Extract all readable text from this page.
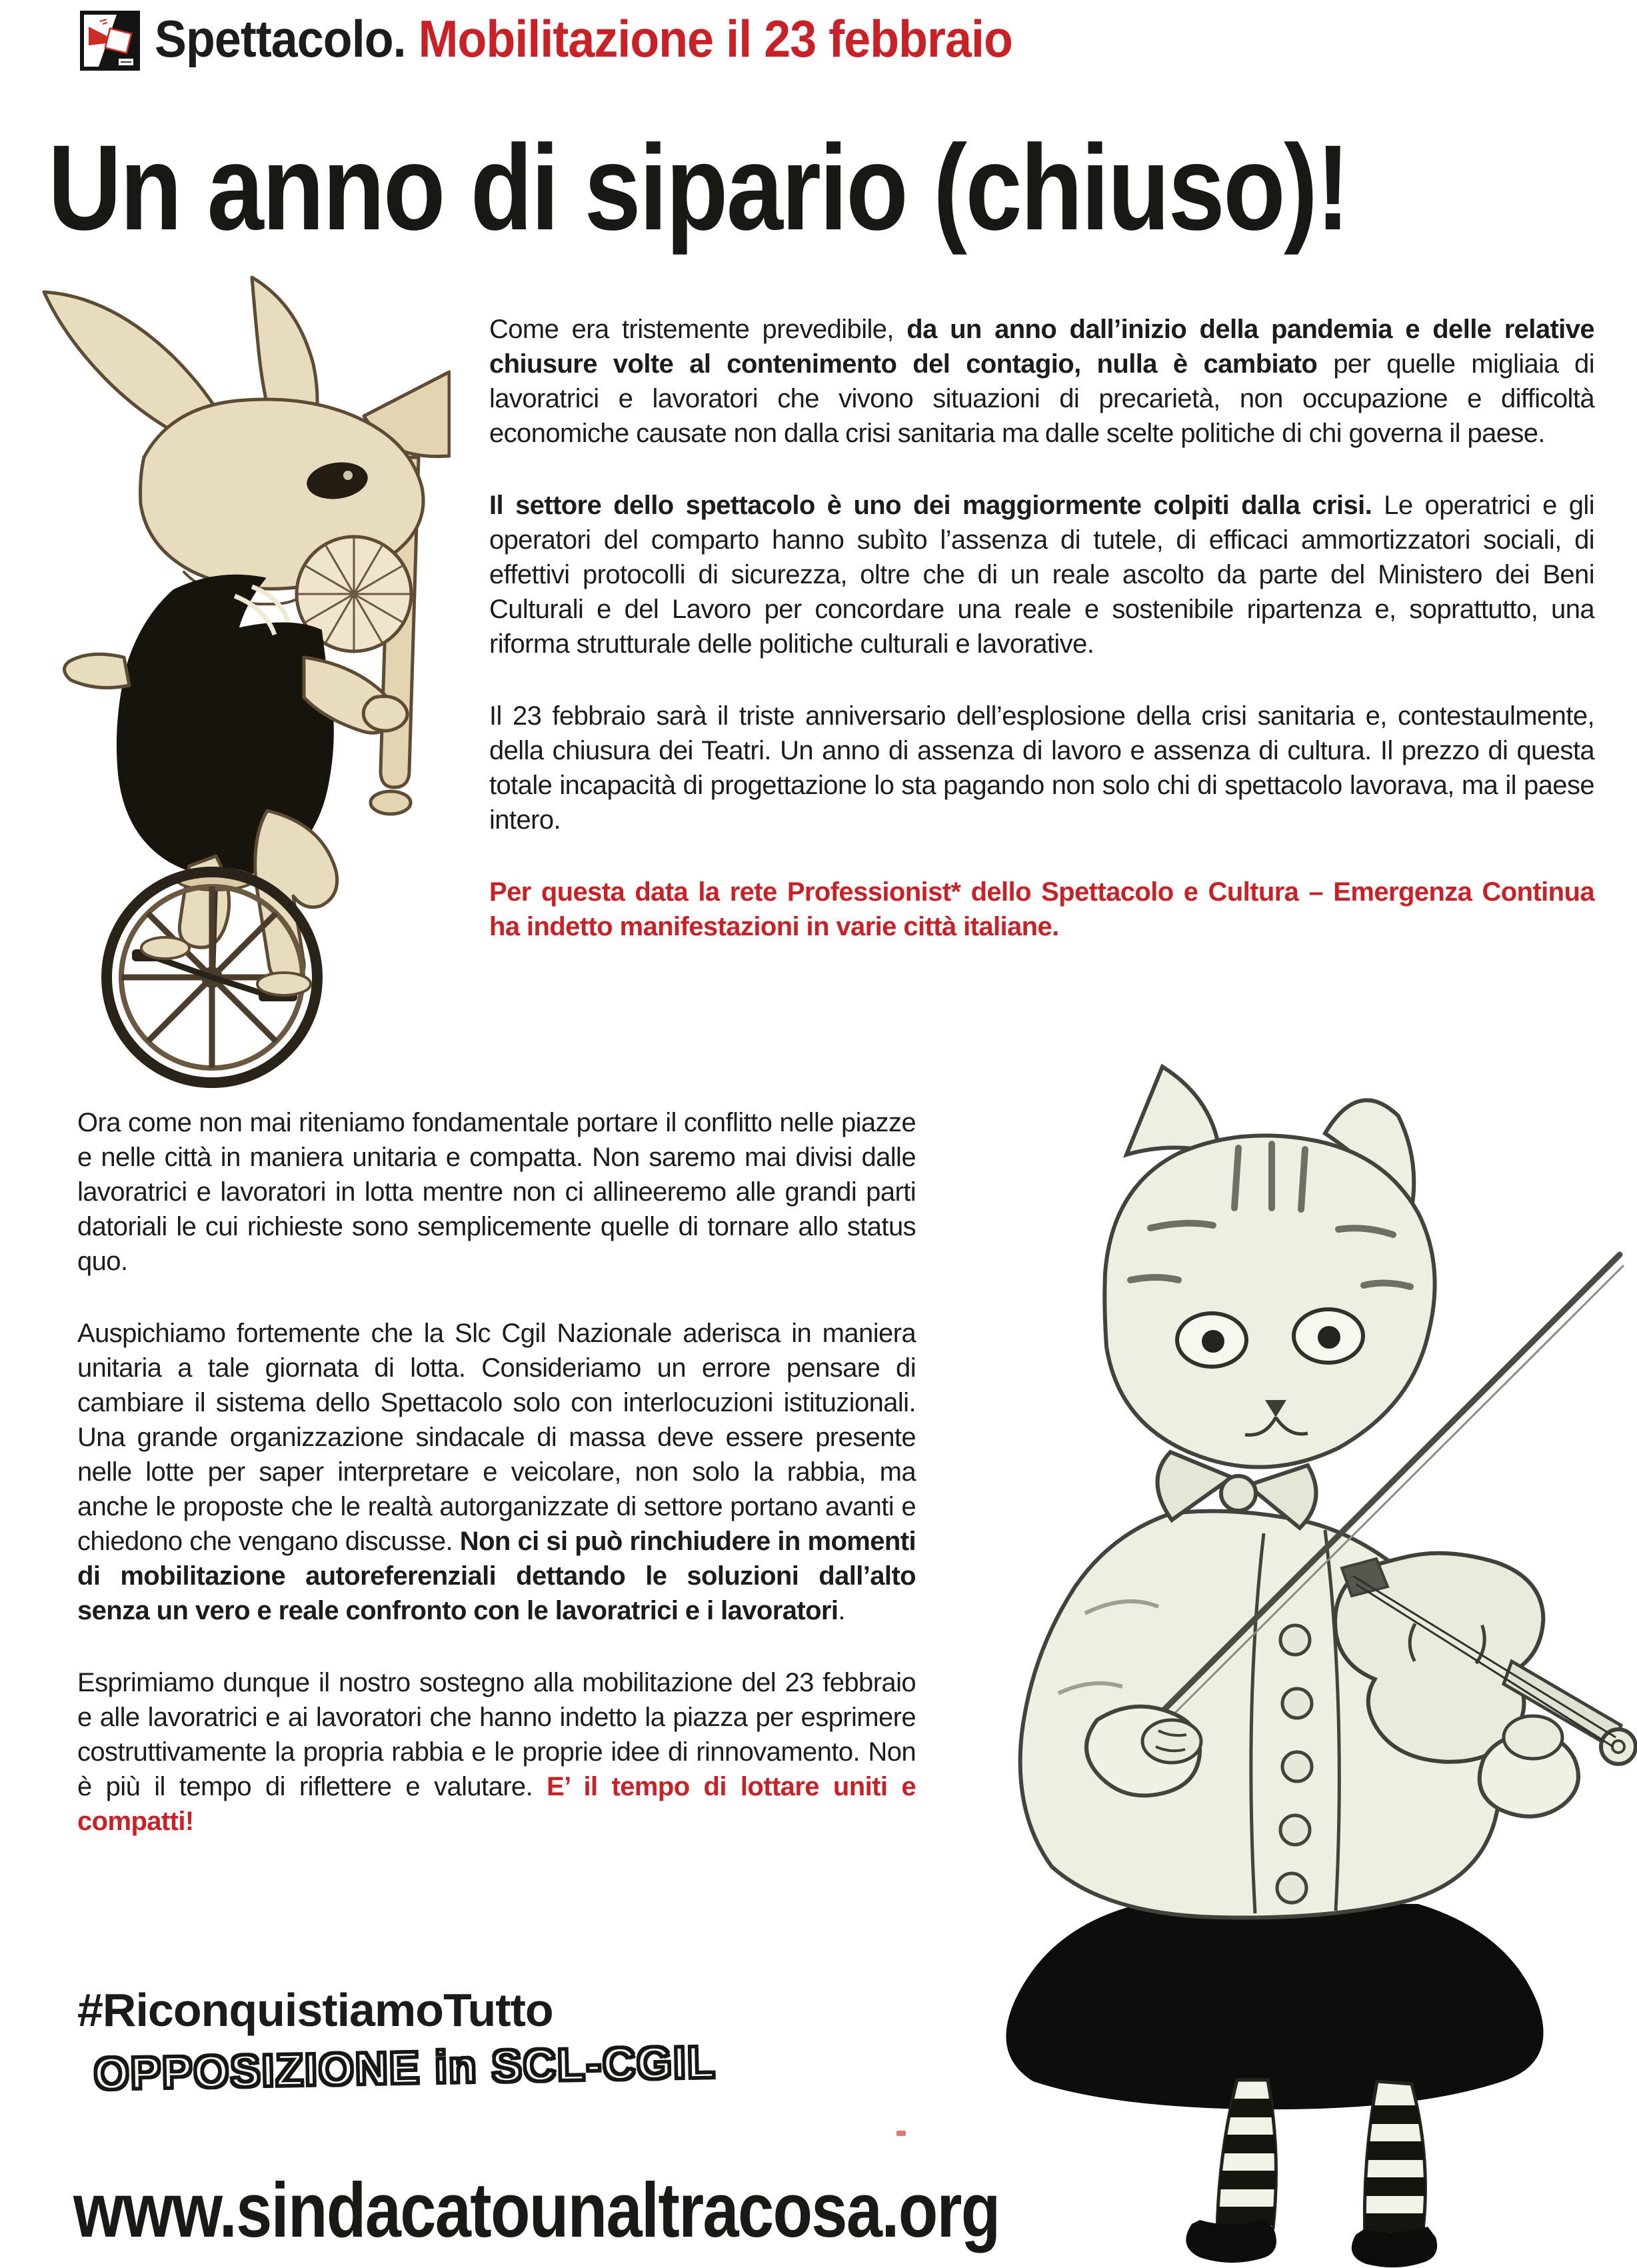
Spettacolo. Mobilitazione il 23 febbraio
Un anno di sipario (chiuso)!

Come era tristemente prevedibile, da un anno dall’inizio della pandemia e delle relative chiusure volte al contenimento del contagio, nulla è cambiato per quelle migliaia di lavoratrici e lavoratori che vivono situazioni di precarietà, non occupazione e difficoltà economiche causate non dalla crisi sanitaria ma dalle scelte politiche di chi governa il paese.

Il settore dello spettacolo è uno dei maggiormente colpiti dalla crisi. Le operatrici e gli operatori del comparto hanno subìto l’assenza di tutele, di efficaci ammortizzatori sociali, di effettivi protocolli di sicurezza, oltre che di un reale ascolto da parte del Ministero dei Beni Culturali e del Lavoro per concordare una reale e sostenibile ripartenza e, soprattutto, una riforma strutturale delle politiche culturali e lavorative.

Il 23 febbraio sarà il triste anniversario dell’esplosione della crisi sanitaria e, contestaulmente, della chiusura dei Teatri. Un anno di assenza di lavoro e assenza di cultura. Il prezzo di questa totale incapacità di progettazione lo sta pagando non solo chi di spettacolo lavorava, ma il paese intero.

Per questa data la rete Professionist* dello Spettacolo e Cultura – Emergenza Continua ha indetto manifestazioni in varie città italiane.

Ora come non mai riteniamo fondamentale portare il conflitto nelle piazze e nelle città in maniera unitaria e compatta. Non saremo mai divisi dalle lavoratrici e lavoratori in lotta mentre non ci allineeremo alle grandi parti datoriali le cui richieste sono semplicemente quelle di tornare allo status quo.

Auspichiamo fortemente che la Slc Cgil Nazionale aderisca in maniera unitaria a tale giornata di lotta. Consideriamo un errore pensare di cambiare il sistema dello Spettacolo solo con interlocuzioni istituzionali. Una grande organizzazione sindacale di massa deve essere presente nelle lotte per saper interpretare e veicolare, non solo la rabbia, ma anche le proposte che le realtà autorganizzate di settore portano avanti e chiedono che vengano discusse. Non ci si può rinchiudere in momenti di mobilitazione autoreferenziali dettando le soluzioni dall’alto senza un vero e reale confronto con le lavoratrici e i lavoratori.

Esprimiamo dunque il nostro sostegno alla mobilitazione del 23 febbraio e alle lavoratrici e ai lavoratori che hanno indetto la piazza per esprimere costruttivamente la propria rabbia e le proprie idee di rinnovamento. Non è più il tempo di riflettere e valutare. E’ il tempo di lottare uniti e compatti!

#RiconquistiamoTutto
OPPOSIZIONE in SCL-CGIL
www.sindacatounaltracosa.org
